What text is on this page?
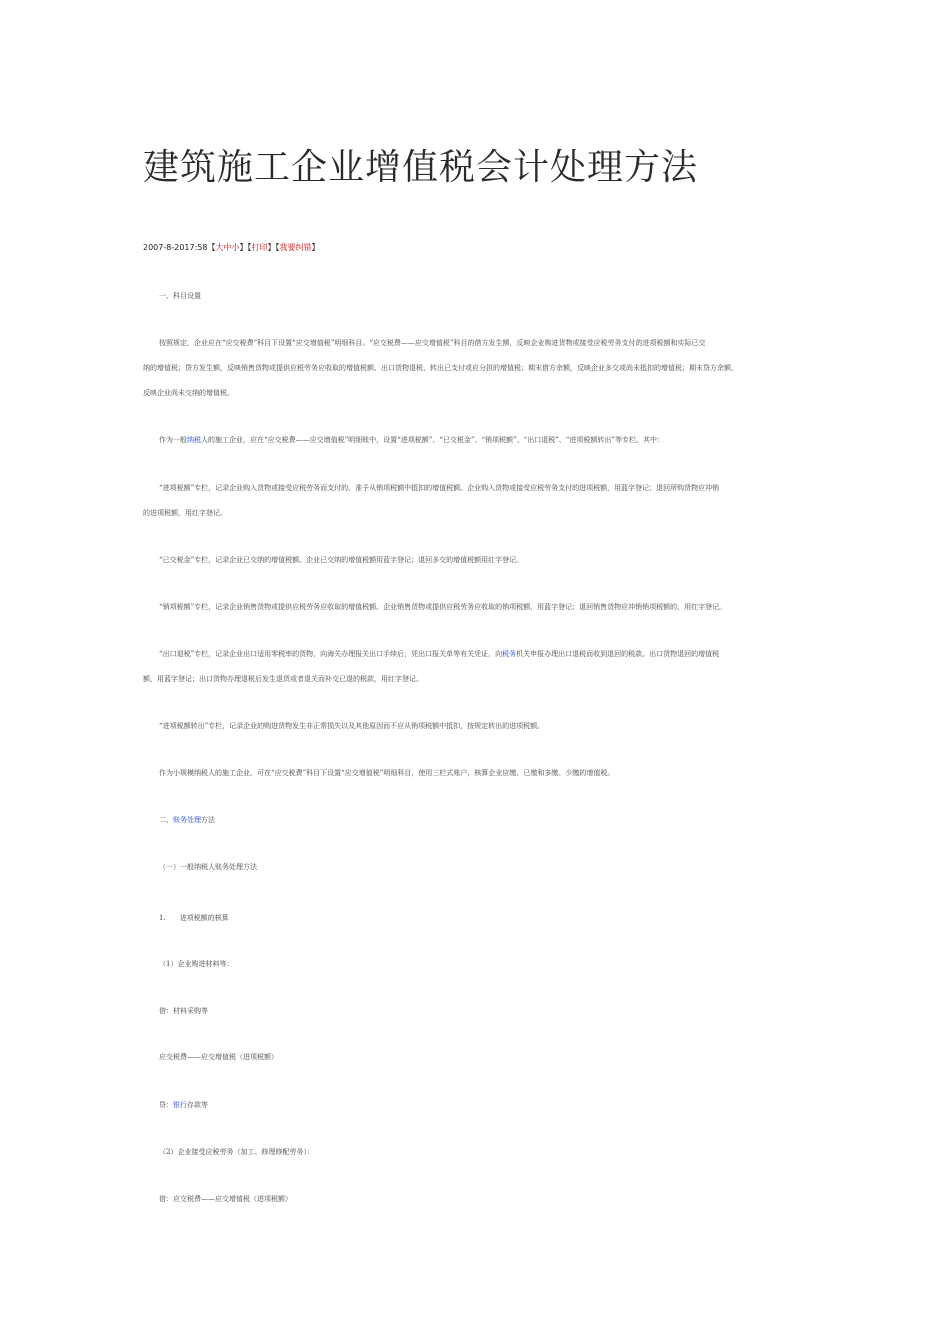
建筑施工企业增值税会计处理方法
2007-8-2017:58【大中小】【打印】【我要纠错】
一、科目设置
按照规定，企业应在“应交税费”科目下设置“应交增值税”明细科目。“应交税费——应交增值税”科目的借方发生额，反映企业购进货物或接受应税劳务支付的进项税额和实际已交
纳的增值税；贷方发生额，反映销售货物或提供应税劳务应收取的增值税额、出口货物退税、转出已支付或应分担的增值税；期末借方余额，反映企业多交或尚未抵扣的增值税；期末贷方余额，
反映企业尚未交纳的增值税。
作为一般纳税人的施工企业，应在“应交税费——应交增值税”明细账中，设置“进项税额”、“已交税金”、“销项税额”、“出口退税”、“进项税额转出”等专栏。其中：
“进项税额”专栏，记录企业购入货物或接受应税劳务而支付的、准予从销项税额中抵扣的增值税额。企业购入货物或接受应税劳务支付的进项税额，用蓝字登记；退回所购货物应冲销
的进项税额，用红字登记。
“已交税金”专栏，记录企业已交纳的增值税额。企业已交纳的增值税额用蓝字登记；退回多交的增值税额用红字登记。
“销项税额”专栏，记录企业销售货物或提供应税劳务应收取的增值税额。企业销售货物或提供应税劳务应收取的销项税额，用蓝字登记；退回销售货物应冲销销项税额的，用红字登记。
“出口退税”专栏，记录企业出口适用零税率的货物，向海关办理报关出口手续后，凭出口报关单等有关凭证，向税务机关申报办理出口退税而收到退回的税款。出口货物退回的增值税
额，用蓝字登记；出口货物办理退税后发生退货或者退关而补交已退的税款，用红字登记。
“进项税额转出”专栏，记录企业的购进货物发生非正常损失以及其他原因而不应从销项税额中抵扣，按规定转出的进项税额。
作为小规模纳税人的施工企业，可在“应交税费”科目下设置“应交增值税”明细科目，使用三栏式账户，核算企业应缴、已缴和多缴、少缴的增值税。
二、账务处理方法
（一）一般纳税人账务处理方法
1. 进项税额的核算
（1）企业购进材料等：
借：材料采购等
应交税费——应交增值税（进项税额）
贷：银行存款等
（2）企业接受应税劳务（加工、修理修配劳务）：
借：应交税费——应交增值税（进项税额）
